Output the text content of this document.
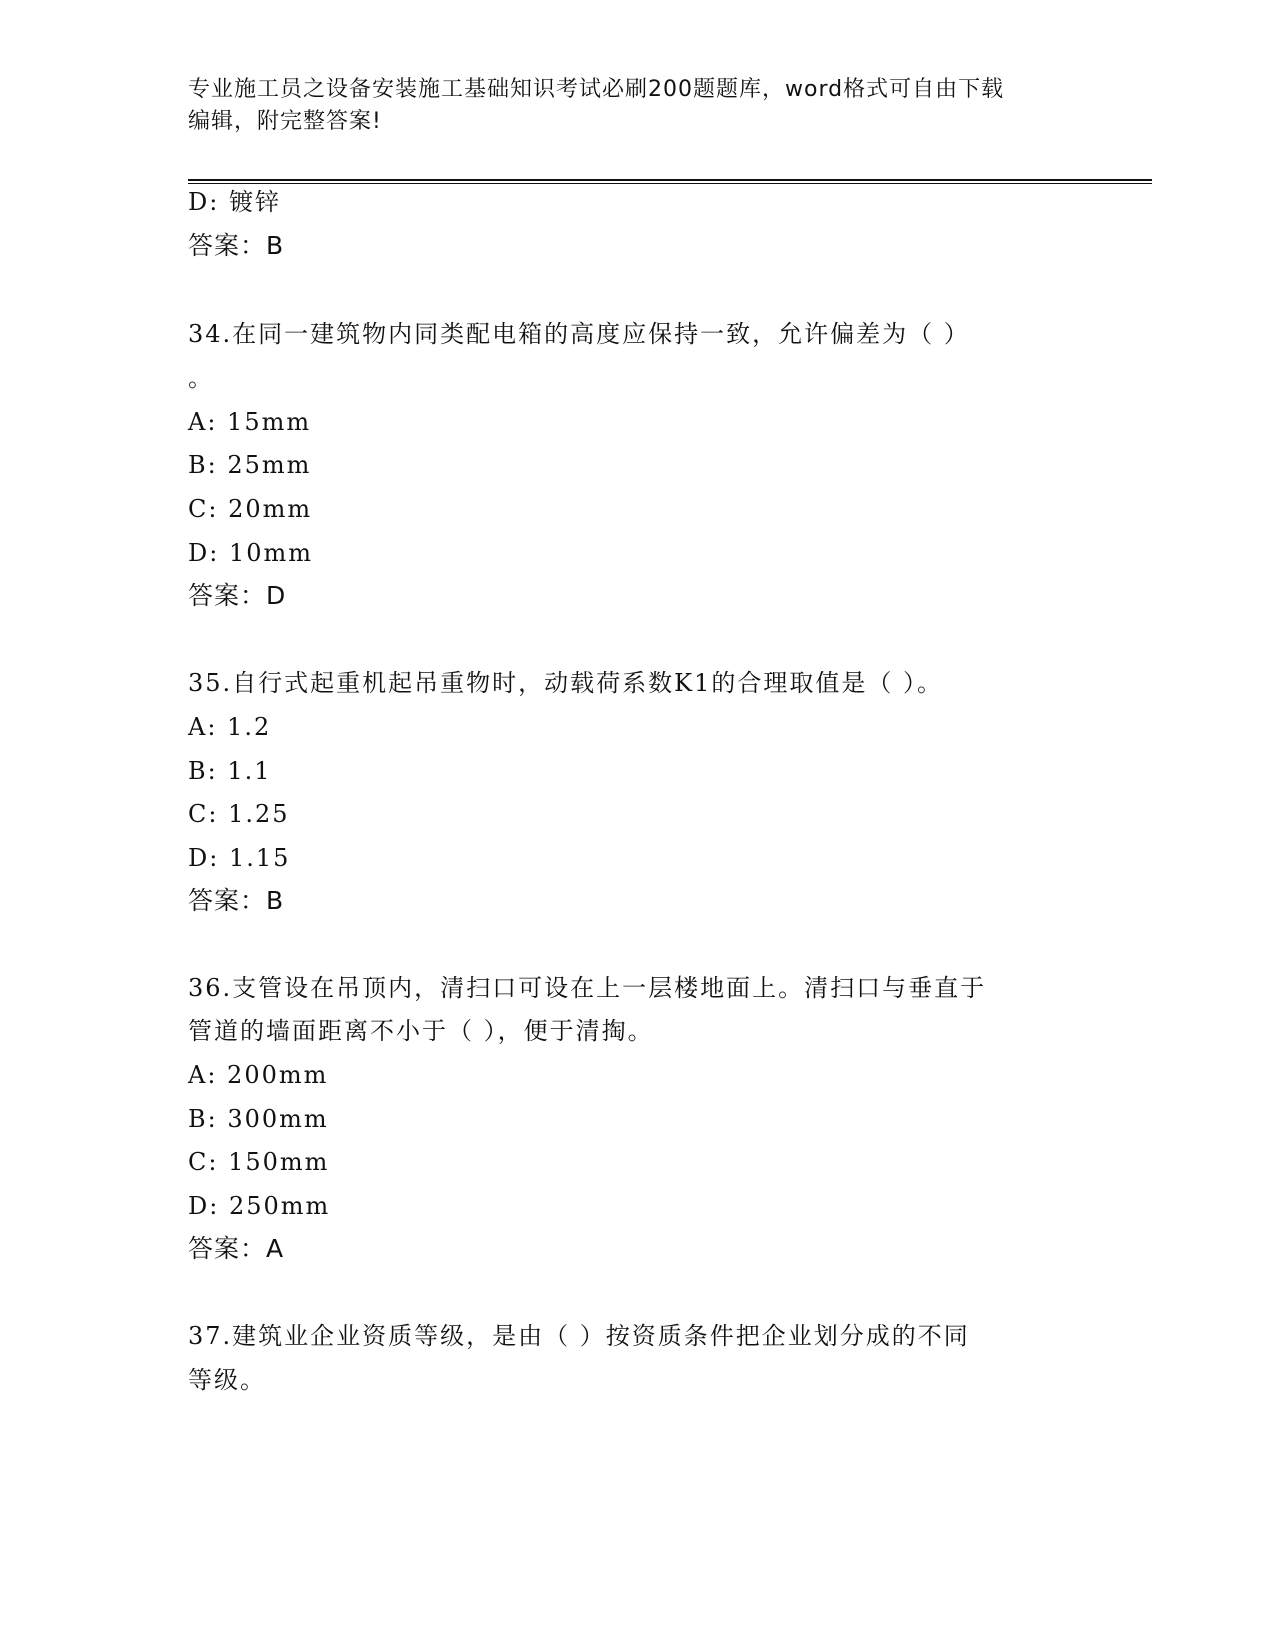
专业施工员之设备安装施工基础知识考试必刷200题题库，word格式可自由下载
编辑，附完整答案!
D: 镀锌
答案：B
34.在同一建筑物内同类配电箱的高度应保持一致，允许偏差为（ ）
。
A: 15mm
B: 25mm
C: 20mm
D: 10mm
答案：D
35.自行式起重机起吊重物时，动载荷系数K1的合理取值是（ ）。
A: 1.2
B: 1.1
C: 1.25
D: 1.15
答案：B
36.支管设在吊顶内，清扫口可设在上一层楼地面上。清扫口与垂直于
管道的墙面距离不小于（ ），便于清掏。
A: 200mm
B: 300mm
C: 150mm
D: 250mm
答案：A
37.建筑业企业资质等级，是由（ ）按资质条件把企业划分成的不同
等级。
